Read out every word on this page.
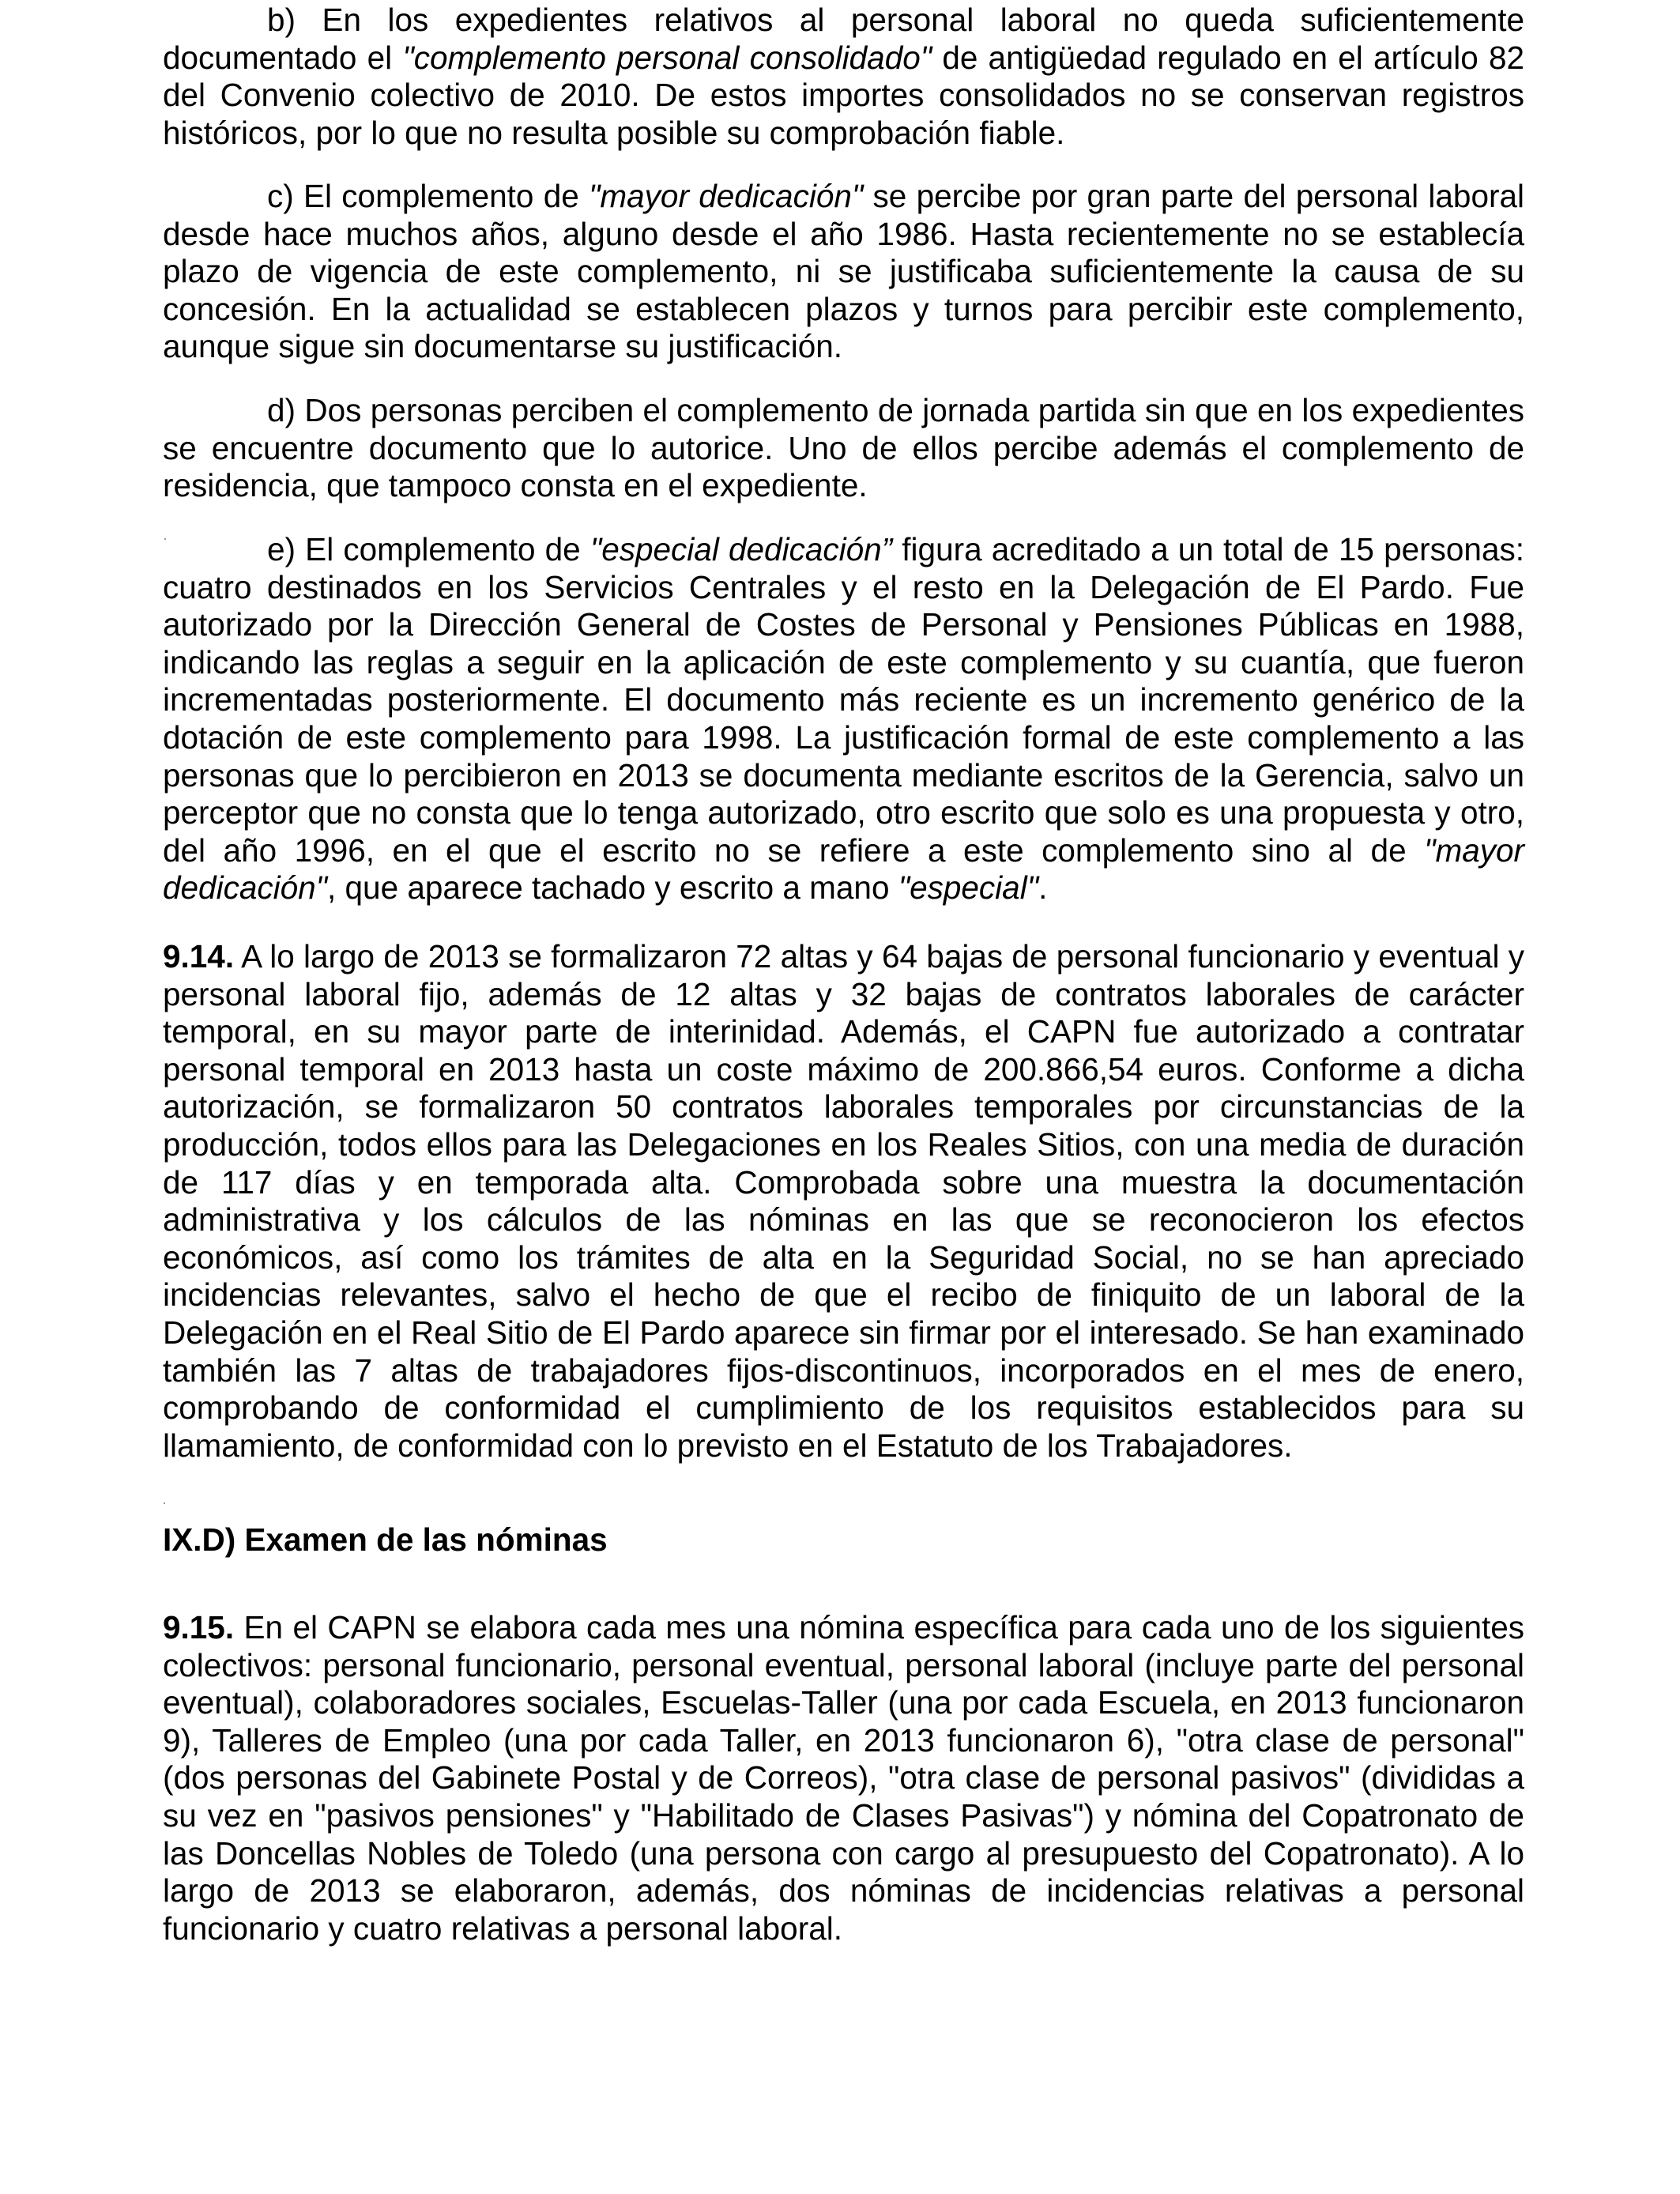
b) En los expedientes relativos al personal laboral no queda suficientemente documentado el "complemento personal consolidado" de antigüedad regulado en el artículo 82 del Convenio colectivo de 2010. De estos importes consolidados no se conservan registros históricos, por lo que no resulta posible su comprobación fiable.

c) El complemento de "mayor dedicación" se percibe por gran parte del personal laboral desde hace muchos años, alguno desde el año 1986. Hasta recientemente no se establecía plazo de vigencia de este complemento, ni se justificaba suficientemente la causa de su concesión. En la actualidad se establecen plazos y turnos para percibir este complemento, aunque sigue sin documentarse su justificación.

d) Dos personas perciben el complemento de jornada partida sin que en los expedientes se encuentre documento que lo autorice. Uno de ellos percibe además el complemento de residencia, que tampoco consta en el expediente.

e) El complemento de "especial dedicación” figura acreditado a un total de 15 personas: cuatro destinados en los Servicios Centrales y el resto en la Delegación de El Pardo. Fue autorizado por la Dirección General de Costes de Personal y Pensiones Públicas en 1988, indicando las reglas a seguir en la aplicación de este complemento y su cuantía, que fueron incrementadas posteriormente. El documento más reciente es un incremento genérico de la dotación de este complemento para 1998. La justificación formal de este complemento a las personas que lo percibieron en 2013 se documenta mediante escritos de la Gerencia, salvo un perceptor que no consta que lo tenga autorizado, otro escrito que solo es una propuesta y otro, del año 1996, en el que el escrito no se refiere a este complemento sino al de "mayor dedicación", que aparece tachado y escrito a mano "especial".

9.14. A lo largo de 2013 se formalizaron 72 altas y 64 bajas de personal funcionario y eventual y personal laboral fijo, además de 12 altas y 32 bajas de contratos laborales de carácter temporal, en su mayor parte de interinidad. Además, el CAPN fue autorizado a contratar personal temporal en 2013 hasta un coste máximo de 200.866,54 euros. Conforme a dicha autorización, se formalizaron 50 contratos laborales temporales por circunstancias de la producción, todos ellos para las Delegaciones en los Reales Sitios, con una media de duración de 117 días y en temporada alta. Comprobada sobre una muestra la documentación administrativa y los cálculos de las nóminas en las que se reconocieron los efectos económicos, así como los trámites de alta en la Seguridad Social, no se han apreciado incidencias relevantes, salvo el hecho de que el recibo de finiquito de un laboral de la Delegación en el Real Sitio de El Pardo aparece sin firmar por el interesado. Se han examinado también las 7 altas de trabajadores fijos-discontinuos, incorporados en el mes de enero, comprobando de conformidad el cumplimiento de los requisitos establecidos para su llamamiento, de conformidad con lo previsto en el Estatuto de los Trabajadores.

IX.D) Examen de las nóminas

9.15. En el CAPN se elabora cada mes una nómina específica para cada uno de los siguientes colectivos: personal funcionario, personal eventual, personal laboral (incluye parte del personal eventual), colaboradores sociales, Escuelas-Taller (una por cada Escuela, en 2013 funcionaron 9), Talleres de Empleo (una por cada Taller, en 2013 funcionaron 6), "otra clase de personal" (dos personas del Gabinete Postal y de Correos), "otra clase de personal pasivos" (divididas a su vez en "pasivos pensiones" y "Habilitado de Clases Pasivas") y nómina del Copatronato de las Doncellas Nobles de Toledo (una persona con cargo al presupuesto del Copatronato). A lo largo de 2013 se elaboraron, además, dos nóminas de incidencias relativas a personal funcionario y cuatro relativas a personal laboral.
